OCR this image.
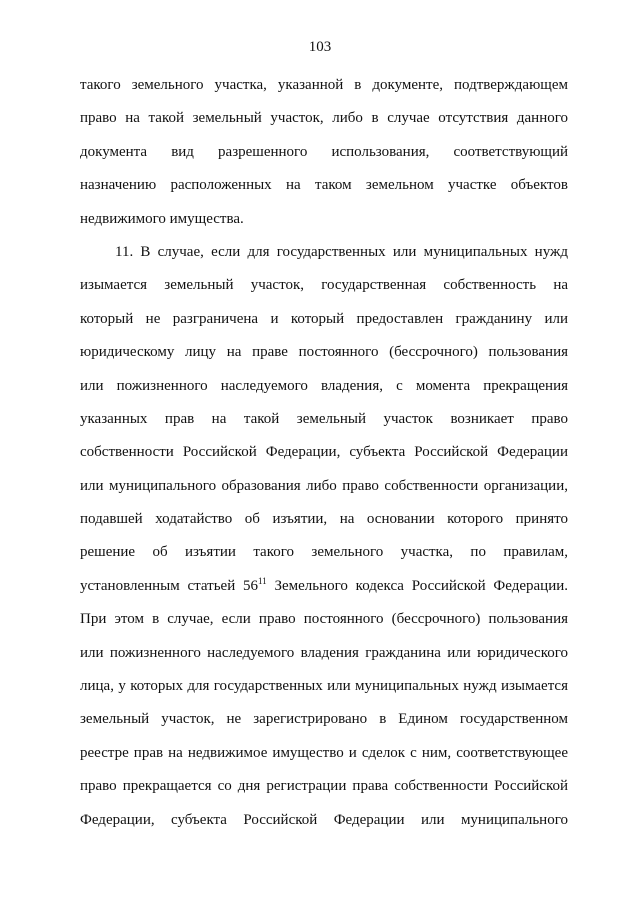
103
такого земельного участка, указанной в документе, подтверждающем
право на такой земельный участок, либо в случае отсутствия данного
документа вид разрешенного использования, соответствующий
назначению расположенных на таком земельном участке объектов
недвижимого имущества.
11. В случае, если для государственных или муниципальных нужд
изымается земельный участок, государственная собственность на
который не разграничена и который предоставлен гражданину или
юридическому лицу на праве постоянного (бессрочного) пользования
или пожизненного наследуемого владения, с момента прекращения
указанных прав на такой земельный участок возникает право
собственности Российской Федерации, субъекта Российской Федерации
или муниципального образования либо право собственности организации,
подавшей ходатайство об изъятии, на основании которого принято
решение об изъятии такого земельного участка, по правилам,
установленным статьей $56^{11}$ Земельного кодекса Российской Федерации.
При этом в случае, если право постоянного (бессрочного) пользования
или пожизненного наследуемого владения гражданина или юридического
лица, у которых для государственных или муниципальных нужд изымается
земельный участок, не зарегистрировано в Едином государственном
реестре прав на недвижимое имущество и сделок с ним, соответствующее
право прекращается со дня регистрации права собственности Российской
Федерации, субъекта Российской Федерации или муниципального
